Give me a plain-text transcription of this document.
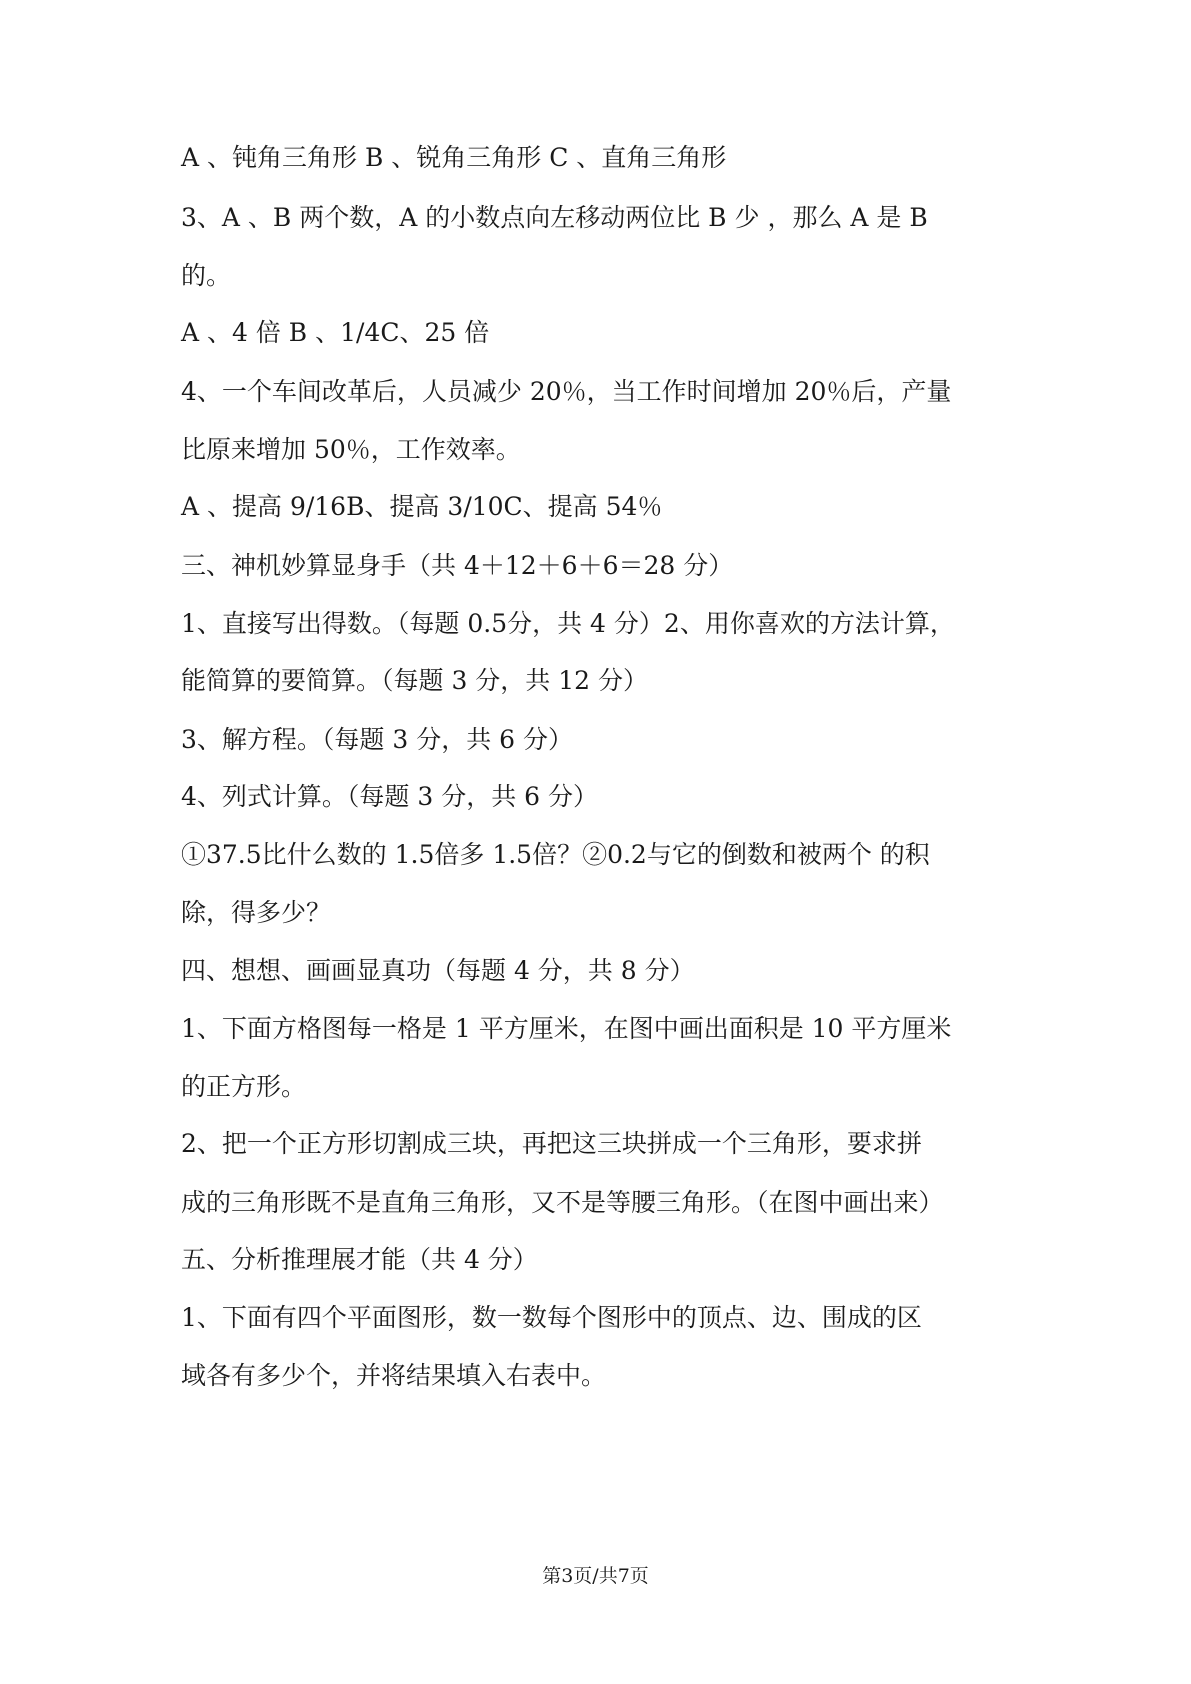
A 、钝角三角形 B 、锐角三角形 C 、直角三角形
3、A 、B 两个数，A 的小数点向左移动两位比 B 少 ，那么 A 是 B
的。
A 、4 倍 B 、1/4C、25 倍
4、一个车间改革后，人员减少 20％，当工作时间增加 20％后，产量
比原来增加 50％，工作效率。
A 、提高 9/16B、提高 3/10C、提高 54％
三、神机妙算显身手（共 4＋12＋6＋6＝28 分）
1、直接写出得数。（每题 0.5分，共 4 分）2、用你喜欢的方法计算，
能简算的要简算。（每题 3 分，共 12 分）
3、解方程。（每题 3 分，共 6 分）
4、列式计算。（每题 3 分，共 6 分）
①37.5比什么数的 1.5倍多 1.5倍？②0.2与它的倒数和被两个 的积
除，得多少？
四、想想、画画显真功（每题 4 分，共 8 分）
1、下面方格图每一格是 1 平方厘米，在图中画出面积是 10 平方厘米
的正方形。
2、把一个正方形切割成三块，再把这三块拼成一个三角形，要求拼
成的三角形既不是直角三角形，又不是等腰三角形。（在图中画出来）
五、分析推理展才能（共 4 分）
1、下面有四个平面图形，数一数每个图形中的顶点、边、围成的区
域各有多少个，并将结果填入右表中。
第3页/共7页
